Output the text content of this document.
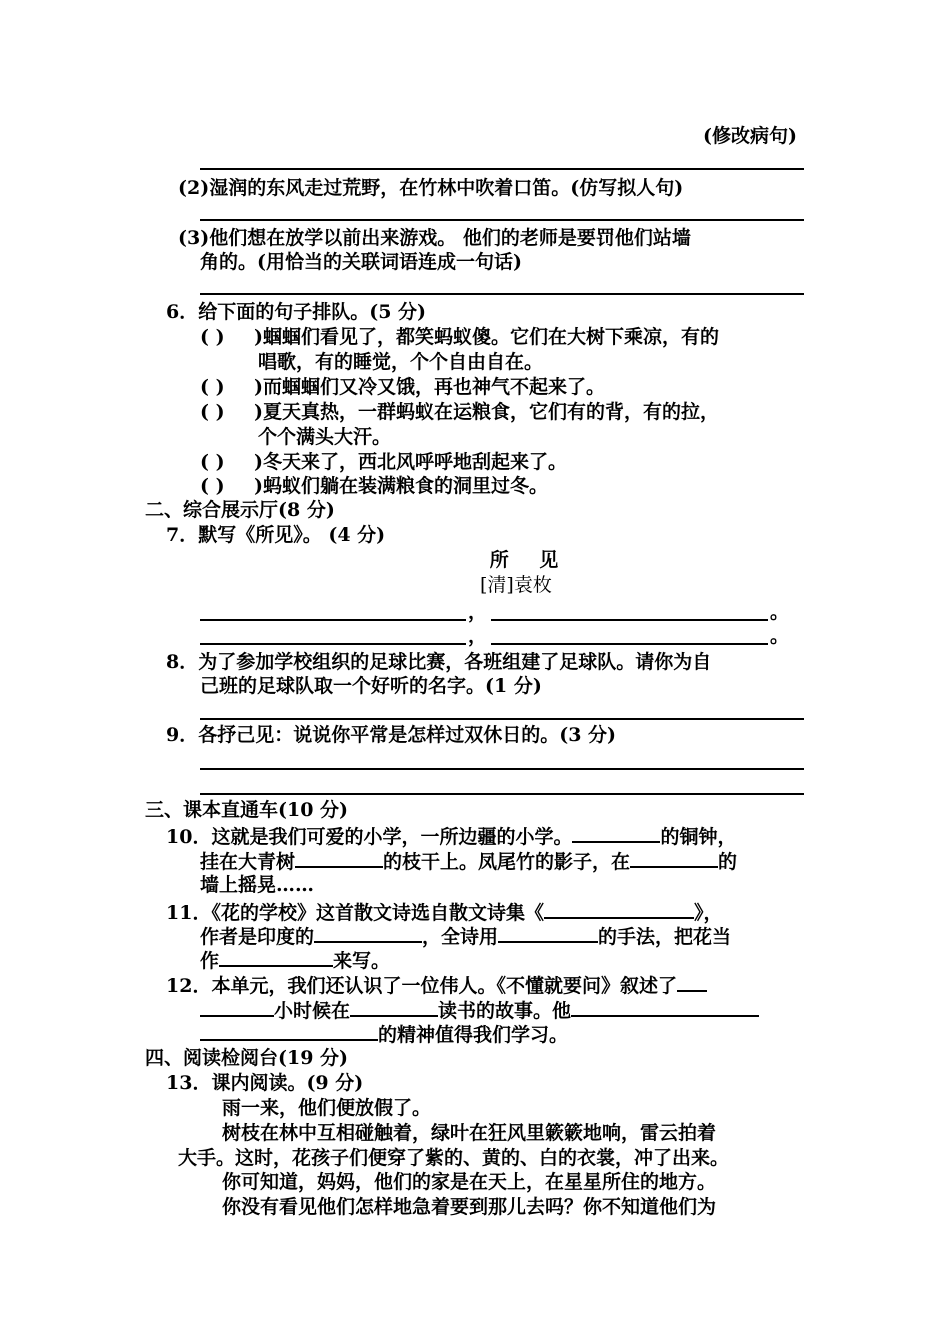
(修改病句)
(2)湿润的东风走过荒野，在竹林中吹着口笛。(仿写拟人句)
(3)他们想在放学以前出来游戏。 他们的老师是要罚他们站墙
角的。(用恰当的关联词语连成一句话)
6．给下面的句子排队。(5 分)
( ) )蝈蝈们看见了，都笑蚂蚁傻。它们在大树下乘凉，有的
唱歌，有的睡觉，个个自由自在。
( ) )而蝈蝈们又冷又饿，再也神气不起来了。
( ) )夏天真热，一群蚂蚁在运粮食，它们有的背，有的拉，
个个满头大汗。
( ) )冬天来了，西北风呼呼地刮起来了。
( ) )蚂蚁们躺在装满粮食的洞里过冬。
二、综合展示厅(8 分)
7．默写《所见》。 (4 分)
所 见
[清]袁枚
，	。
，	。
8．为了参加学校组织的足球比赛，各班组建了足球队。请你为自
己班的足球队取一个好听的名字。(1 分)
9．各抒己见：说说你平常是怎样过双休日的。(3 分)
三、课本直通车(10 分)
10．这就是我们可爱的小学，一所边疆的小学。	的铜钟，
挂在大青树	的枝干上。凤尾竹的影子，在	的
墙上摇晃……
11．《花的学校》这首散文诗选自散文诗集《	》，
作者是印度的	，全诗用	的手法，把花当
作	来写。
12．本单元，我们还认识了一位伟人。《不懂就要问》叙述了
小时候在	读书的故事。他
的精神值得我们学习。
四、阅读检阅台(19 分)
13．课内阅读。(9 分)
雨一来，他们便放假了。
树枝在林中互相碰触着，绿叶在狂风里簌簌地响，雷云拍着
大手。这时，花孩子们便穿了紫的、黄的、白的衣裳，冲了出来。
你可知道，妈妈，他们的家是在天上，在星星所住的地方。
你没有看见他们怎样地急着要到那儿去吗？你不知道他们为
